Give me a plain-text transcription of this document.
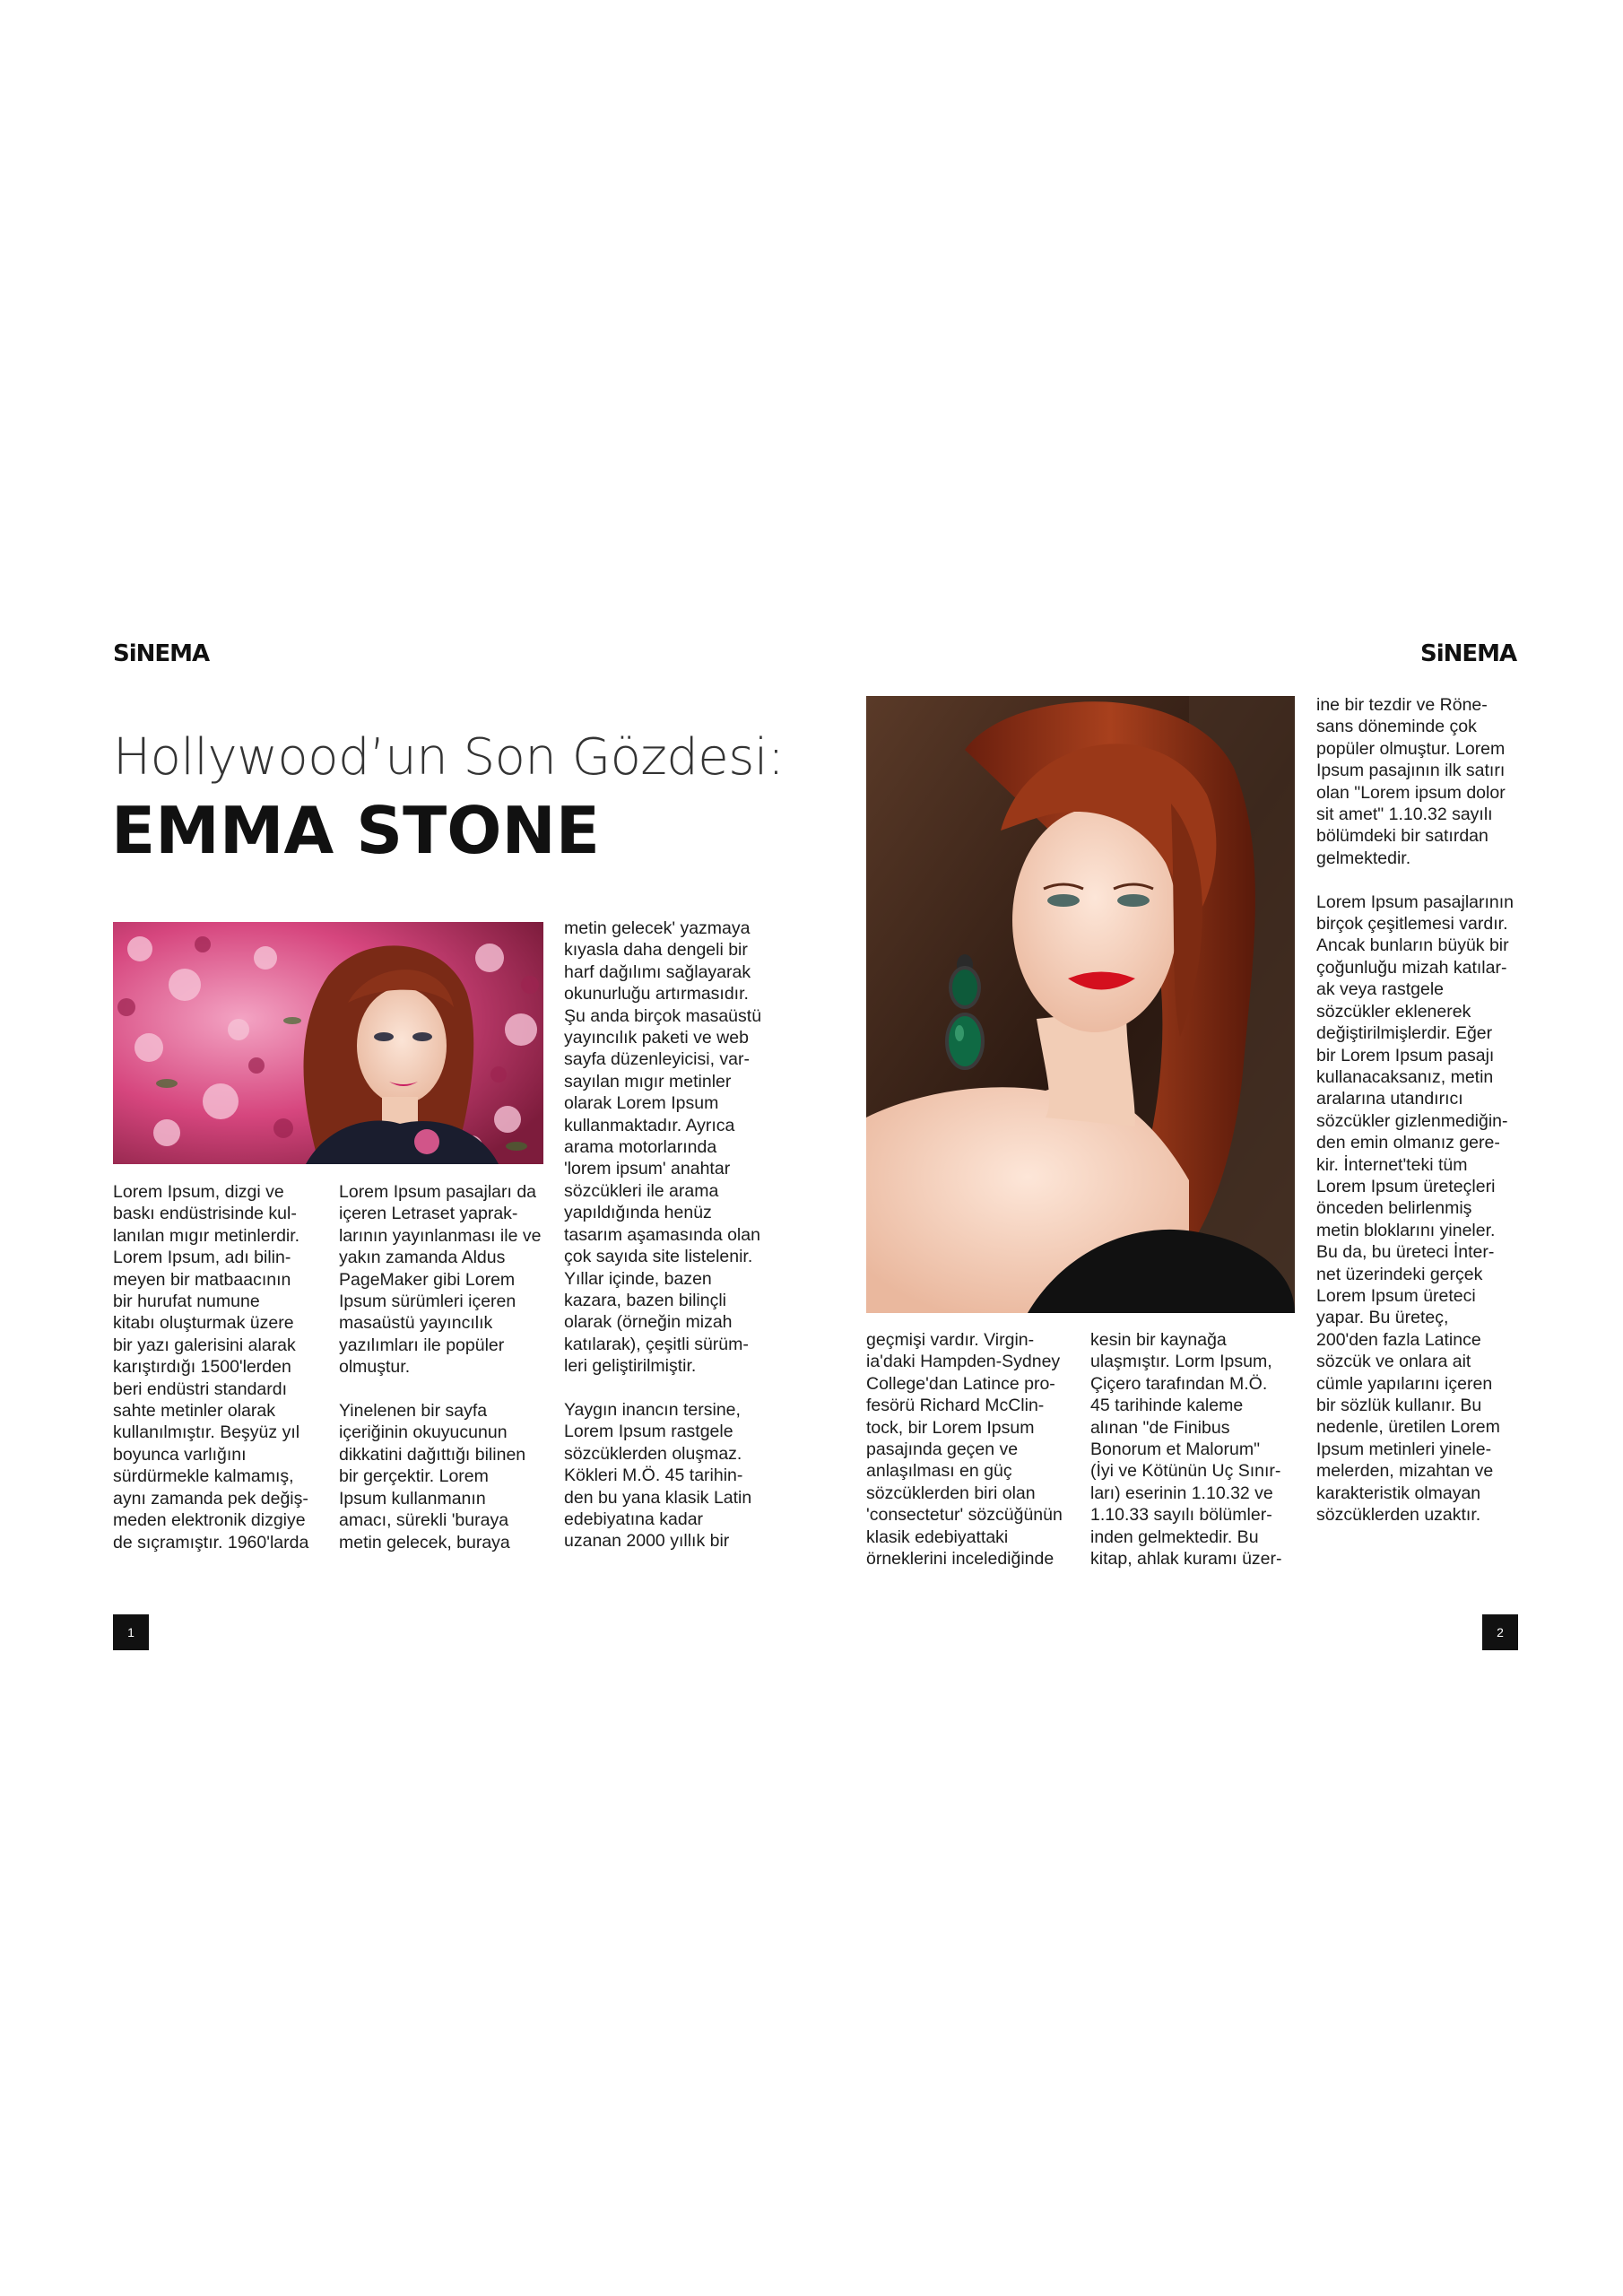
SiNEMA
Hollywood’un Son Gözdesi:
EMMA STONE
Lorem Ipsum, dizgi ve
baskı endüstrisinde kul-
lanılan mıgır metinlerdir.
Lorem Ipsum, adı bilin-
meyen bir matbaacının
bir hurufat numune
kitabı oluşturmak üzere
bir yazı galerisini alarak
karıştırdığı 1500'lerden
beri endüstri standardı
sahte metinler olarak
kullanılmıştır. Beşyüz yıl
boyunca varlığını
sürdürmekle kalmamış,
aynı zamanda pek değiş-
meden elektronik dizgiye
de sıçramıştır. 1960'larda
Lorem Ipsum pasajları da
içeren Letraset yaprak-
larının yayınlanması ile ve
yakın zamanda Aldus
PageMaker gibi Lorem
Ipsum sürümleri içeren
masaüstü yayıncılık
yazılımları ile popüler
olmuştur.

Yinelenen bir sayfa
içeriğinin okuyucunun
dikkatini dağıttığı bilinen
bir gerçektir. Lorem
Ipsum kullanmanın
amacı, sürekli 'buraya
metin gelecek, buraya
metin gelecek' yazmaya
kıyasla daha dengeli bir
harf dağılımı sağlayarak
okunurluğu artırmasıdır.
Şu anda birçok masaüstü
yayıncılık paketi ve web
sayfa düzenleyicisi, var-
sayılan mıgır metinler
olarak Lorem Ipsum
kullanmaktadır. Ayrıca
arama motorlarında
'lorem ipsum' anahtar
sözcükleri ile arama
yapıldığında henüz
tasarım aşamasında olan
çok sayıda site listelenir.
Yıllar içinde, bazen
kazara, bazen bilinçli
olarak (örneğin mizah
katılarak), çeşitli sürüm-
leri geliştirilmiştir.

Yaygın inancın tersine,
Lorem Ipsum rastgele
sözcüklerden oluşmaz.
Kökleri M.Ö. 45 tarihin-
den bu yana klasik Latin
edebiyatına kadar
uzanan 2000 yıllık bir
1
SiNEMA
geçmişi vardır. Virgin-
ia'daki Hampden-Sydney
College'dan Latince pro-
fesörü Richard McClin-
tock, bir Lorem Ipsum
pasajında geçen ve
anlaşılması en güç
sözcüklerden biri olan
'consectetur' sözcüğünün
klasik edebiyattaki
örneklerini incelediğinde
kesin bir kaynağa
ulaşmıştır. Lorm Ipsum,
Çiçero tarafından M.Ö.
45 tarihinde kaleme
alınan "de Finibus
Bonorum et Malorum"
(İyi ve Kötünün Uç Sınır-
ları) eserinin 1.10.32 ve
1.10.33 sayılı bölümler-
inden gelmektedir. Bu
kitap, ahlak kuramı üzer-
ine bir tezdir ve Röne-
sans döneminde çok
popüler olmuştur. Lorem
Ipsum pasajının ilk satırı
olan "Lorem ipsum dolor
sit amet" 1.10.32 sayılı
bölümdeki bir satırdan
gelmektedir.

Lorem Ipsum pasajlarının
birçok çeşitlemesi vardır.
Ancak bunların büyük bir
çoğunluğu mizah katılar-
ak veya rastgele
sözcükler eklenerek
değiştirilmişlerdir. Eğer
bir Lorem Ipsum pasajı
kullanacaksanız, metin
aralarına utandırıcı
sözcükler gizlenmediğin-
den emin olmanız gere-
kir. İnternet'teki tüm
Lorem Ipsum üreteçleri
önceden belirlenmiş
metin bloklarını yineler.
Bu da, bu üreteci İnter-
net üzerindeki gerçek
Lorem Ipsum üreteci
yapar. Bu üreteç,
200'den fazla Latince
sözcük ve onlara ait
cümle yapılarını içeren
bir sözlük kullanır. Bu
nedenle, üretilen Lorem
Ipsum metinleri yinele-
melerden, mizahtan ve
karakteristik olmayan
sözcüklerden uzaktır.
2
